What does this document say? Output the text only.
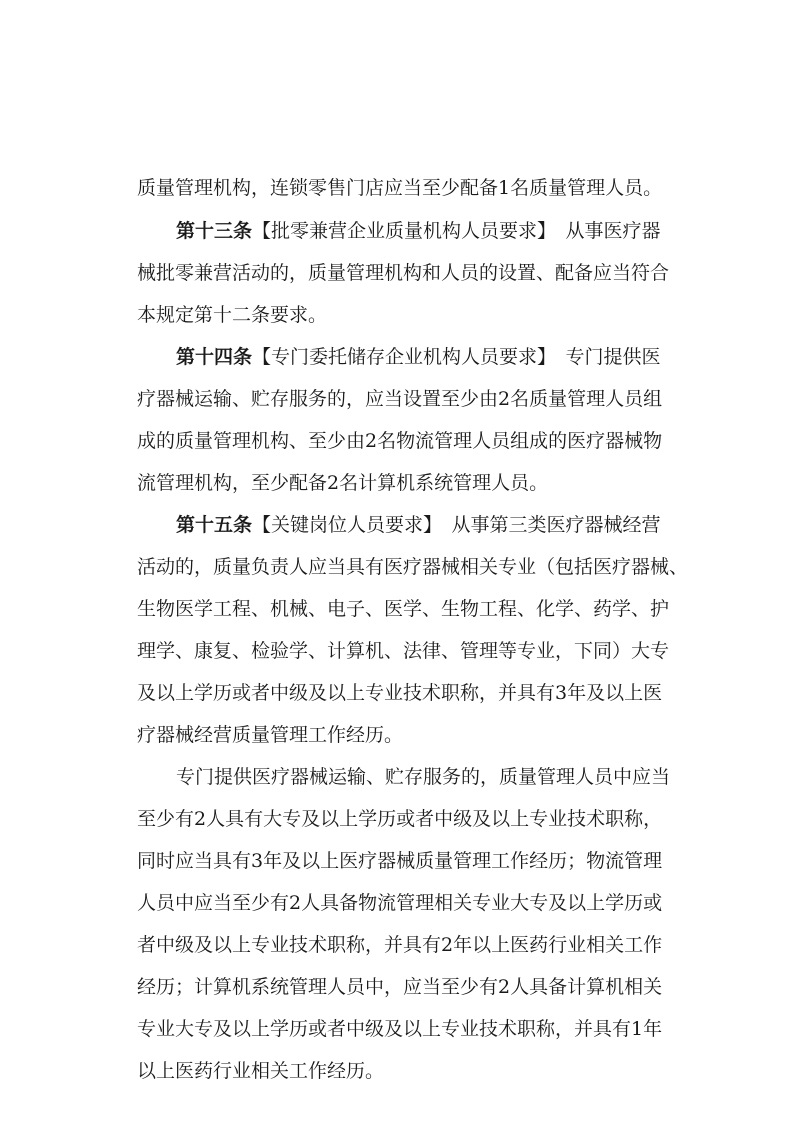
质量管理机构，连锁零售门店应当至少配备1名质量管理人员。
第十三条【批零兼营企业质量机构人员要求】　从事医疗器
械批零兼营活动的，质量管理机构和人员的设置、配备应当符合
本规定第十二条要求。
第十四条【专门委托储存企业机构人员要求】　专门提供医
疗器械运输、贮存服务的，应当设置至少由2名质量管理人员组
成的质量管理机构、至少由2名物流管理人员组成的医疗器械物
流管理机构，至少配备2名计算机系统管理人员。
第十五条【关键岗位人员要求】　从事第三类医疗器械经营
活动的，质量负责人应当具有医疗器械相关专业（包括医疗器械、
生物医学工程、机械、电子、医学、生物工程、化学、药学、护
理学、康复、检验学、计算机、法律、管理等专业，下同）大专
及以上学历或者中级及以上专业技术职称，并具有3年及以上医
疗器械经营质量管理工作经历。
专门提供医疗器械运输、贮存服务的，质量管理人员中应当
至少有2人具有大专及以上学历或者中级及以上专业技术职称，
同时应当具有3年及以上医疗器械质量管理工作经历；物流管理
人员中应当至少有2人具备物流管理相关专业大专及以上学历或
者中级及以上专业技术职称，并具有2年以上医药行业相关工作
经历；计算机系统管理人员中，应当至少有2人具备计算机相关
专业大专及以上学历或者中级及以上专业技术职称，并具有1年
以上医药行业相关工作经历。
